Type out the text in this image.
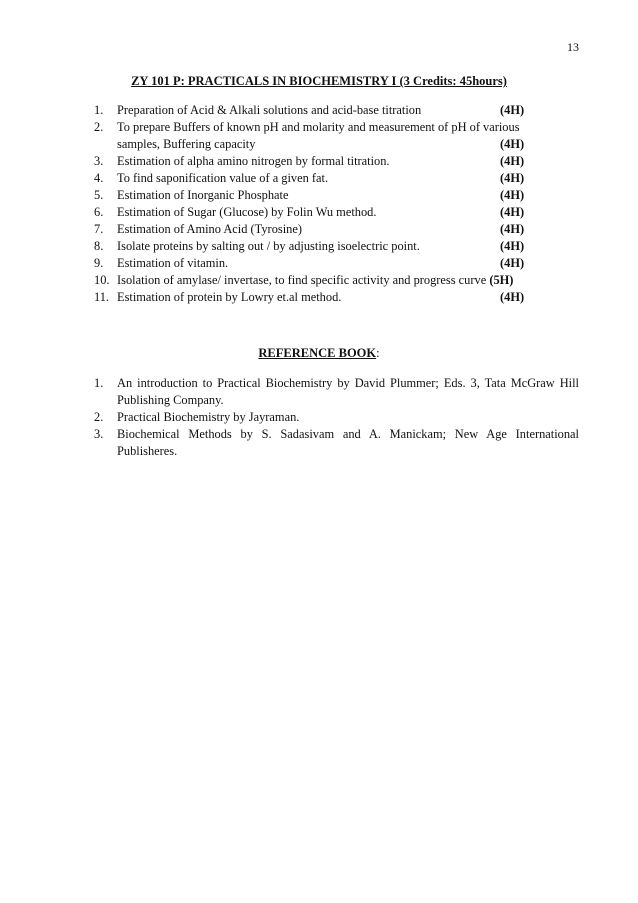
13
ZY 101 P: PRACTICALS IN BIOCHEMISTRY I (3 Credits: 45hours)
1.	Preparation of Acid & Alkali solutions and acid-base titration	(4H)
2.	To prepare Buffers of known pH and molarity and measurement of pH of various
samples, Buffering capacity	(4H)
3.	Estimation of alpha amino nitrogen by formal titration.	(4H)
4.	To find saponification value of a given fat.	(4H)
5.	Estimation of Inorganic Phosphate	(4H)
6.	Estimation of Sugar (Glucose) by Folin Wu method.	(4H)
7.	Estimation of Amino Acid (Tyrosine)	(4H)
8.	Isolate proteins by salting out / by adjusting isoelectric point.	(4H)
9.	Estimation of vitamin.	(4H)
10. Isolation of amylase/ invertase, to find specific activity and progress curve (5H)
11. Estimation of protein by Lowry et.al method.	(4H)
REFERENCE BOOK:
1.	An introduction to Practical Biochemistry by David Plummer; Eds. 3, Tata McGraw Hill Publishing Company.
2.	Practical Biochemistry by Jayraman.
3.	Biochemical Methods by S. Sadasivam and A. Manickam; New Age International Publisheres.
